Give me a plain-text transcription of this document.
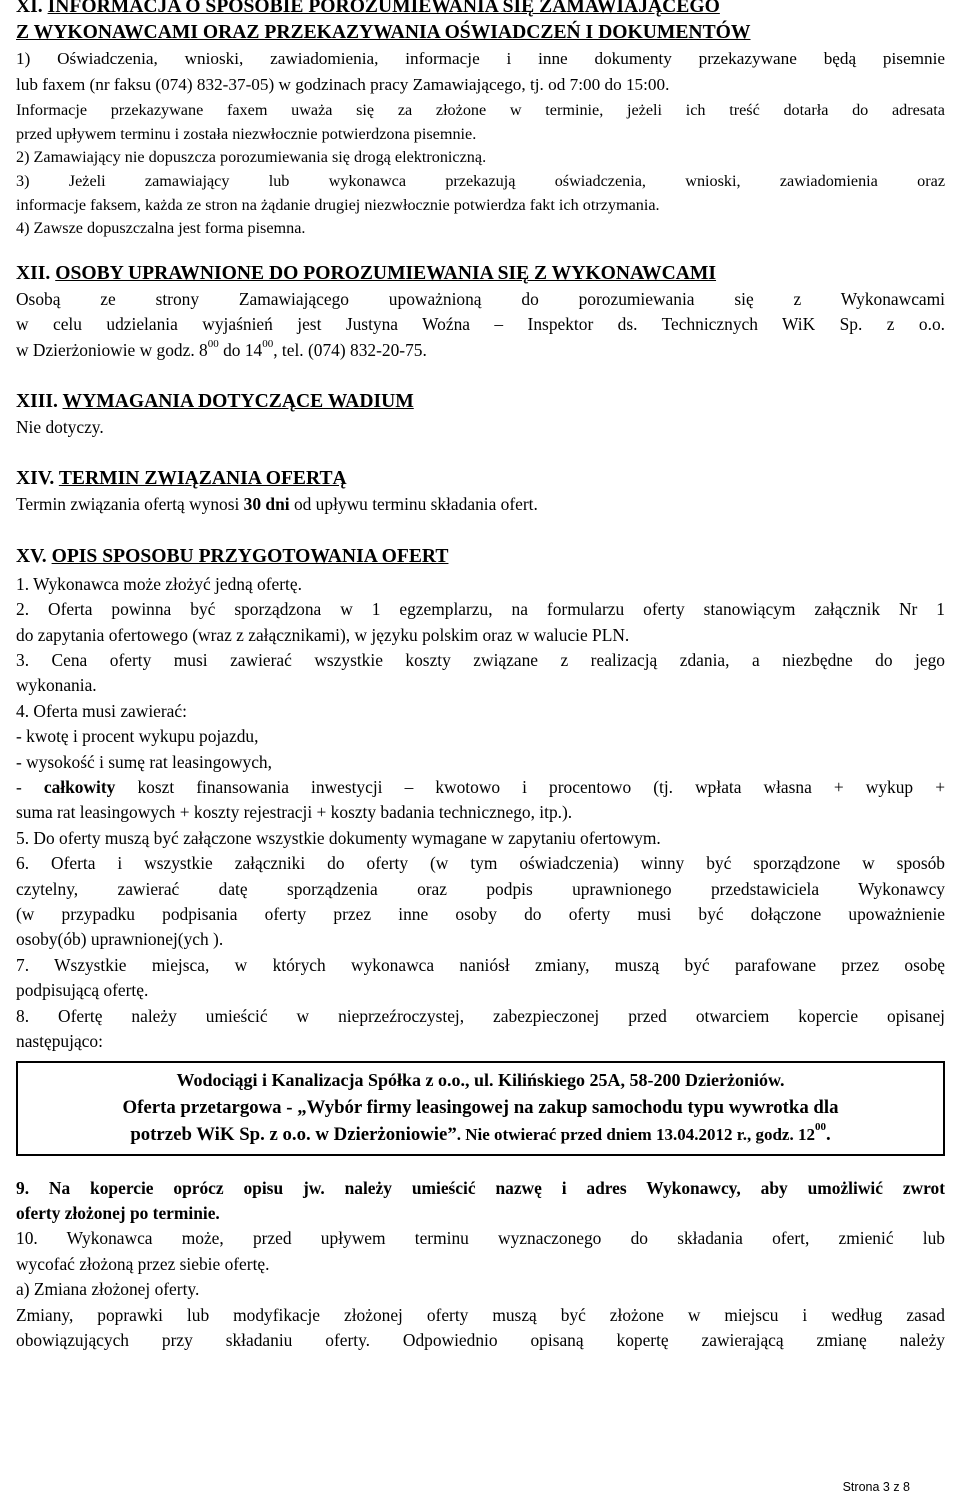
XI. INFORMACJA O SPOSOBIE POROZUMIEWANIA SIĘ ZAMAWIAJĄCEGO
Z WYKONAWCAMI ORAZ PRZEKAZYWANIA OŚWIADCZEŃ I DOKUMENTÓW

1) Oświadczenia, wnioski, zawiadomienia, informacje i inne dokumenty przekazywane będą pisemnie
lub faxem (nr faksu (074) 832-37-05) w godzinach pracy Zamawiającego, tj. od 7:00 do 15:00.
Informacje przekazywane faxem uważa się za złożone w terminie, jeżeli ich treść dotarła do adresata
przed upływem terminu i została niezwłocznie potwierdzona pisemnie.
2) Zamawiający nie dopuszcza porozumiewania się drogą elektroniczną.
3) Jeżeli zamawiający lub wykonawca przekazują oświadczenia, wnioski, zawiadomienia oraz
informacje faksem, każda ze stron na żądanie drugiej niezwłocznie potwierdza fakt ich otrzymania.
4) Zawsze dopuszczalna jest forma pisemna.

XII. OSOBY UPRAWNIONE DO POROZUMIEWANIA SIĘ Z WYKONAWCAMI

Osobą ze strony Zamawiającego upoważnioną do porozumiewania się z Wykonawcami
w celu udzielania wyjaśnień jest Justyna Woźna – Inspektor ds. Technicznych WiK Sp. z o.o.
w Dzierżoniowie w godz. $8^{00}$ do $14^{00}$, tel. (074) 832-20-75.

XIII. WYMAGANIA DOTYCZĄCE WADIUM

Nie dotyczy.

XIV. TERMIN ZWIĄZANIA OFERTĄ

Termin związania ofertą wynosi 30 dni od upływu terminu składania ofert.

XV. OPIS SPOSOBU PRZYGOTOWANIA OFERT

1. Wykonawca może złożyć jedną ofertę.
2. Oferta powinna być sporządzona w 1 egzemplarzu, na formularzu oferty stanowiącym załącznik Nr 1
do zapytania ofertowego (wraz z załącznikami), w języku polskim oraz w walucie PLN.
3. Cena oferty musi zawierać wszystkie koszty związane z realizacją zdania, a niezbędne do jego
wykonania.
4. Oferta musi zawierać:
- kwotę i procent wykupu pojazdu,
- wysokość i sumę rat leasingowych,
- całkowity koszt finansowania inwestycji – kwotowo i procentowo (tj. wpłata własna + wykup +
suma rat leasingowych + koszty rejestracji + koszty badania technicznego, itp.).
5. Do oferty muszą być załączone wszystkie dokumenty wymagane w zapytaniu ofertowym.
6. Oferta i wszystkie załączniki do oferty (w tym oświadczenia) winny być sporządzone w sposób
czytelny, zawierać datę sporządzenia oraz podpis uprawnionego przedstawiciela Wykonawcy
(w przypadku podpisania oferty przez inne osoby do oferty musi być dołączone upoważnienie
osoby(ób) uprawnionej(ych ).
7. Wszystkie miejsca, w których wykonawca naniósł zmiany, muszą być parafowane przez osobę
podpisującą ofertę.
8. Ofertę należy umieścić w nieprzeźroczystej, zabezpieczonej przed otwarciem kopercie opisanej
następująco:
Wodociągi i Kanalizacja Spółka z o.o., ul. Kilińskiego 25A, 58-200 Dzierżoniów.
Oferta przetargowa - „Wybór firmy leasingowej na zakup samochodu typu wywrotka dla
potrzeb WiK Sp. z o.o. w Dzierżoniowie”. Nie otwierać przed dniem 13.04.2012 r., godz. $12^{00}$.
9. Na kopercie oprócz opisu jw. należy umieścić nazwę i adres Wykonawcy, aby umożliwić zwrot
oferty złożonej po terminie.
10. Wykonawca może, przed upływem terminu wyznaczonego do składania ofert, zmienić lub
wycofać złożoną przez siebie ofertę.
a) Zmiana złożonej oferty.
Zmiany, poprawki lub modyfikacje złożonej oferty muszą być złożone w miejscu i według zasad
obowiązujących przy składaniu oferty. Odpowiednio opisaną kopertę zawierającą zmianę należy
Strona 3 z 8
